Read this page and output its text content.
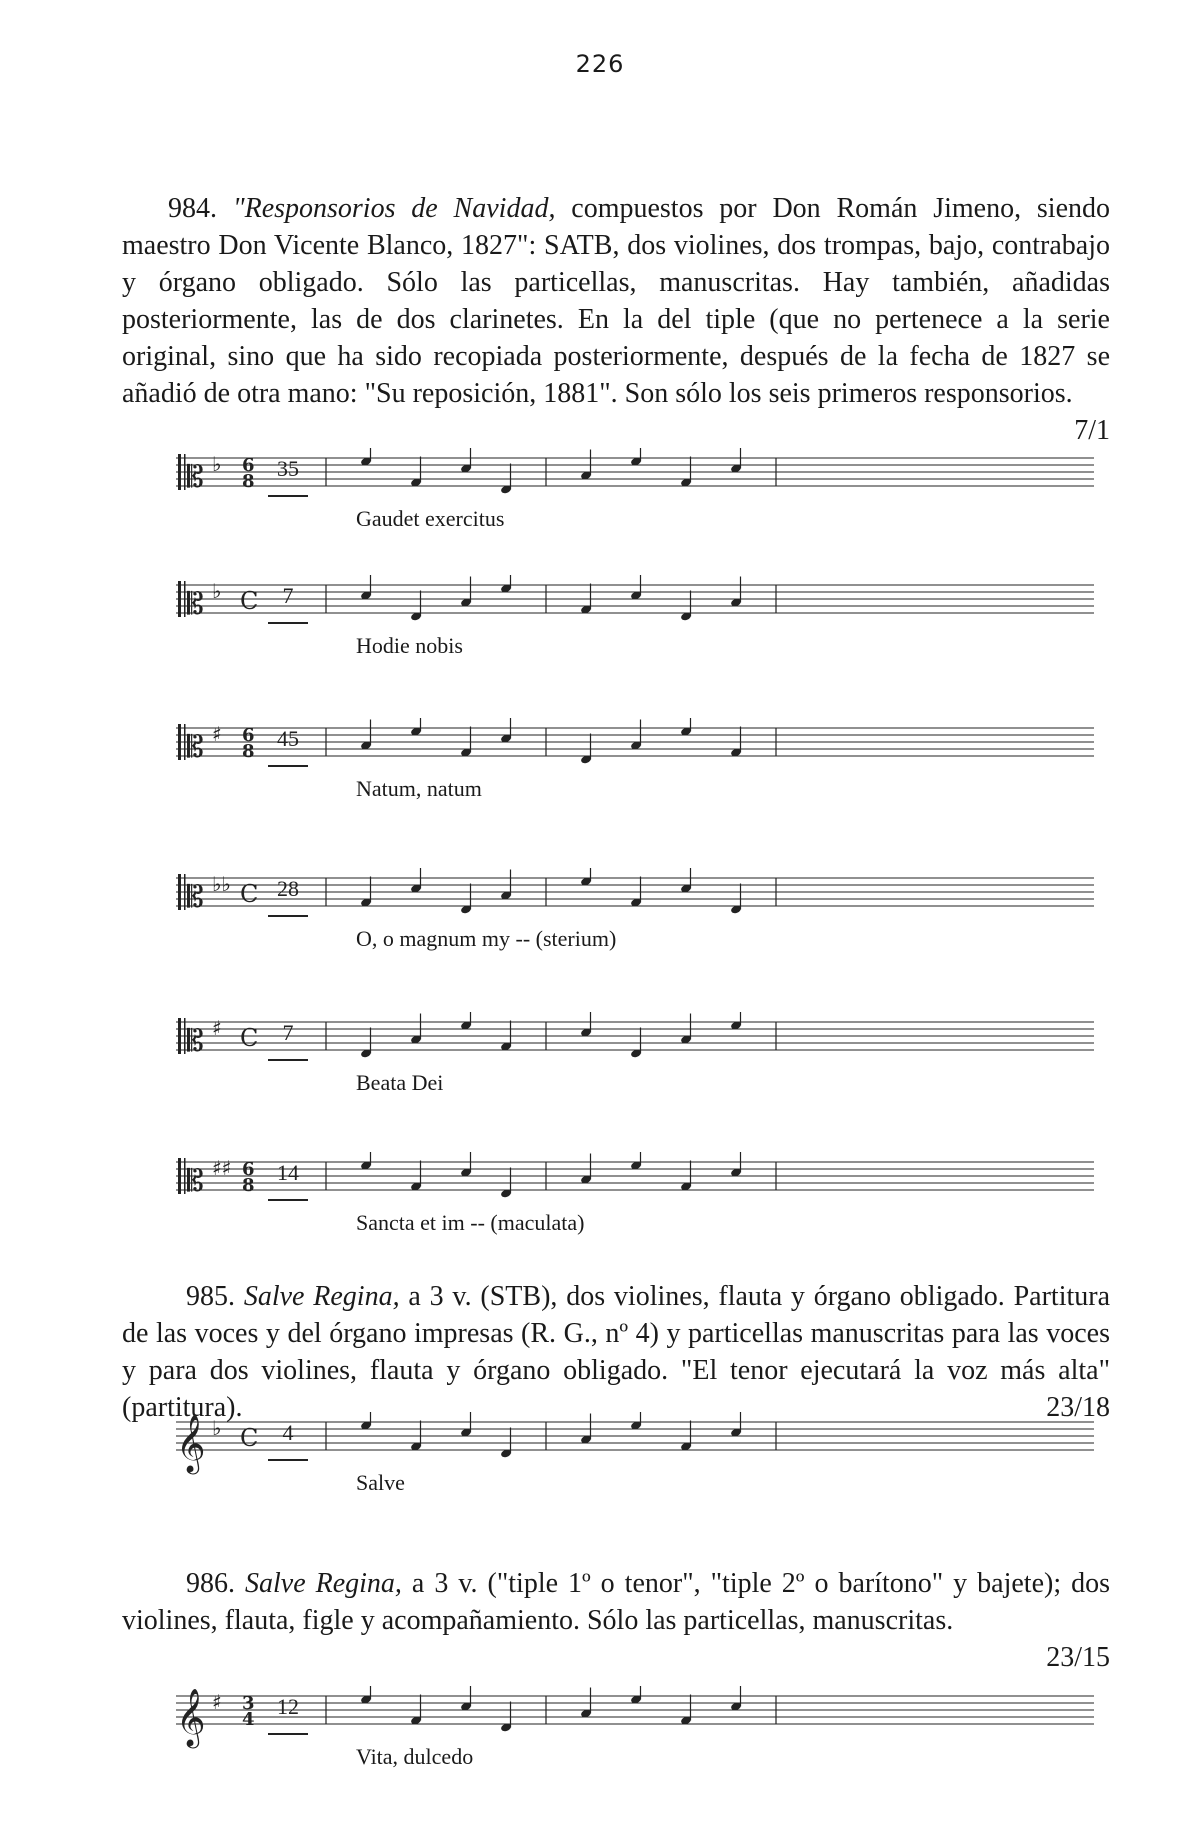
226

984. "Responsorios de Navidad, compuestos por Don Román Jimeno, siendo maestro Don Vicente Blanco, 1827": SATB, dos violines, dos trompas, bajo, contrabajo y órgano obligado. Sólo las particellas, manuscritas. Hay también, añadidas posteriormente, las de dos clarinetes. En la del tiple (que no pertenece a la serie original, sino que ha sido recopiada posteriormente, después de la fecha de 1827 se añadió de otra mano: "Su reposición, 1881". Son sólo los seis primeros responsorios.
7/1

985. Salve Regina, a 3 v. (STB), dos violines, flauta y órgano obligado. Partitura de las voces y del órgano impresas (R. G., nº 4) y particellas manuscritas para las voces y para dos violines, flauta y órgano obligado. "El tenor ejecutará la voz más alta" (partitura).	23/18

986. Salve Regina, a 3 v. ("tiple 1º o tenor", "tiple 2º o barítono" y bajete); dos violines, flauta, figle y acompañamiento. Sólo las particellas, manuscritas.

23/15
𝄡 ♭ 6
8
35
Gaudet exercitus
𝄡 ♭ C 7
Hodie nobis
𝄡 ♯ 6
8
45
Natum, natum
𝄡 ♭♭ C 28
O, o magnum my -- (sterium)
𝄡 ♯ C 7
Beata Dei
𝄡 ♯♯ 6
8
14
Sancta et im -- (maculata)
𝄞 ♭ C 4
Salve
𝄞 ♯ 3
4
12
Vita, dulcedo
